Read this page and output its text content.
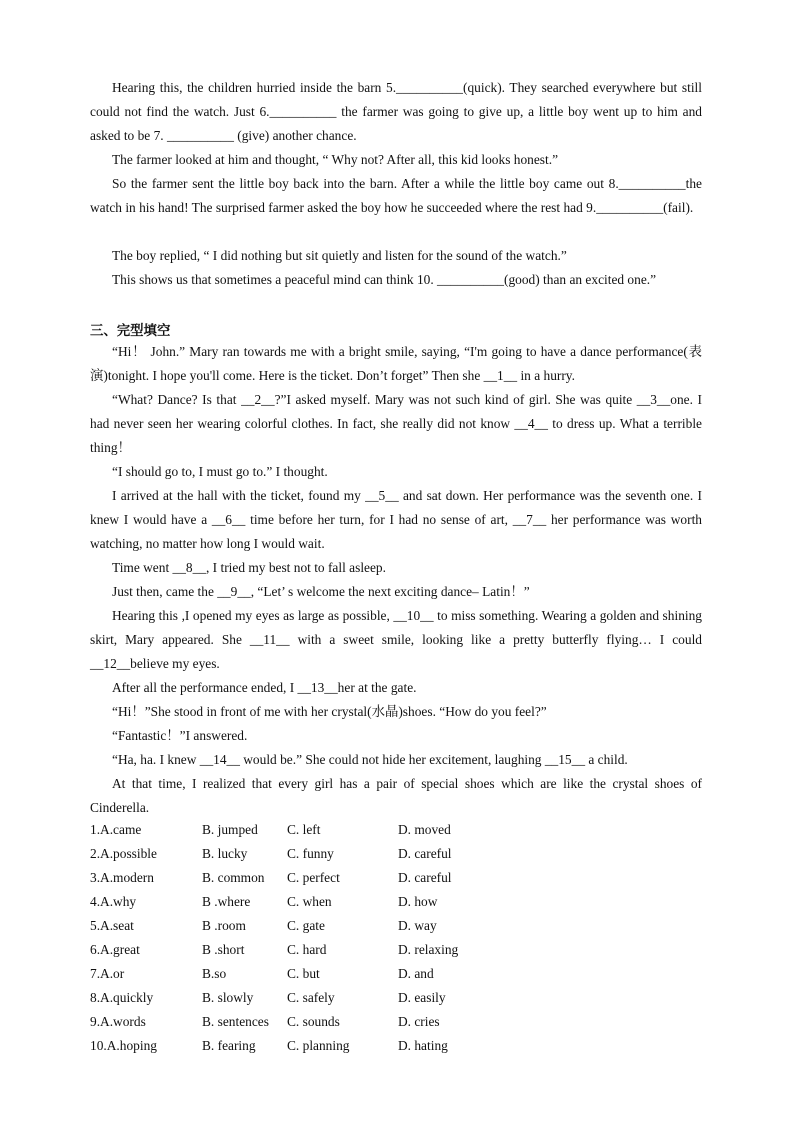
Hearing this, the children hurried inside the barn 5.__________(quick). They searched everywhere but still could not find the watch. Just 6.__________ the farmer was going to give up, a little boy went up to him and asked to be 7. __________ (give) another chance.
The farmer looked at him and thought, “ Why not? After all, this kid looks honest.”
So the farmer sent the little boy back into the barn. After a while the little boy came out 8.__________the watch in his hand! The surprised farmer asked the boy how he succeeded where the rest had 9.__________(fail).
The boy replied, “ I did nothing but sit quietly and listen for the sound of the watch.”
This shows us that sometimes a peaceful mind can think 10. __________(good) than an excited one.”
三、完型填空
“Hi！ John.” Mary ran towards me with a bright smile, saying, “I'm going to have a dance performance(表演)tonight. I hope you'll come. Here is the ticket. Don’t forget” Then she __1__ in a hurry.
“What? Dance? Is that __2__?”I asked myself. Mary was not such kind of girl. She was quite __3__one. I had never seen her wearing colorful clothes. In fact, she really did not know __4__ to dress up. What a terrible thing！
“I should go to, I must go to.” I thought.
I arrived at the hall with the ticket, found my __5__ and sat down. Her performance was the seventh one. I knew I would have a __6__ time before her turn, for I had no sense of art, __7__ her performance was worth watching, no matter how long I would wait.
Time went __8__, I tried my best not to fall asleep.
Just then, came the __9__, “Let’ s welcome the next exciting dance– Latin！”
Hearing this ,I opened my eyes as large as possible, __10__ to miss something. Wearing a golden and shining skirt, Mary appeared. She __11__ with a sweet smile, looking like a pretty butterfly flying… I could __12__believe my eyes.
After all the performance ended, I __13__her at the gate.
“Hi！”She stood in front of me with her crystal(水晶)shoes. “How do you feel?”
“Fantastic！”I answered.
“Ha, ha. I knew __14__ would be.” She could not hide her excitement, laughing __15__ a child.
At that time, I realized that every girl has a pair of special shoes which are like the crystal shoes of Cinderella.
1.A.came	B. jumped C. left	D. moved
2.A.possible	B. lucky	C. funny	D. careful
3.A.modern	B. common C. perfect	D. careful
4.A.why	B .where	C. when	D. how
5.A.seat	B .room	C. gate	D. way
6.A.great	B .short	C. hard	D. relaxing
7.A.or	B.so	C. but	D. and
8.A.quickly	B. slowly	C. safely	D. easily
9.A.words	B. sentences C. sounds	D. cries
10.A.hoping	B. fearing C. planning	D. hating
